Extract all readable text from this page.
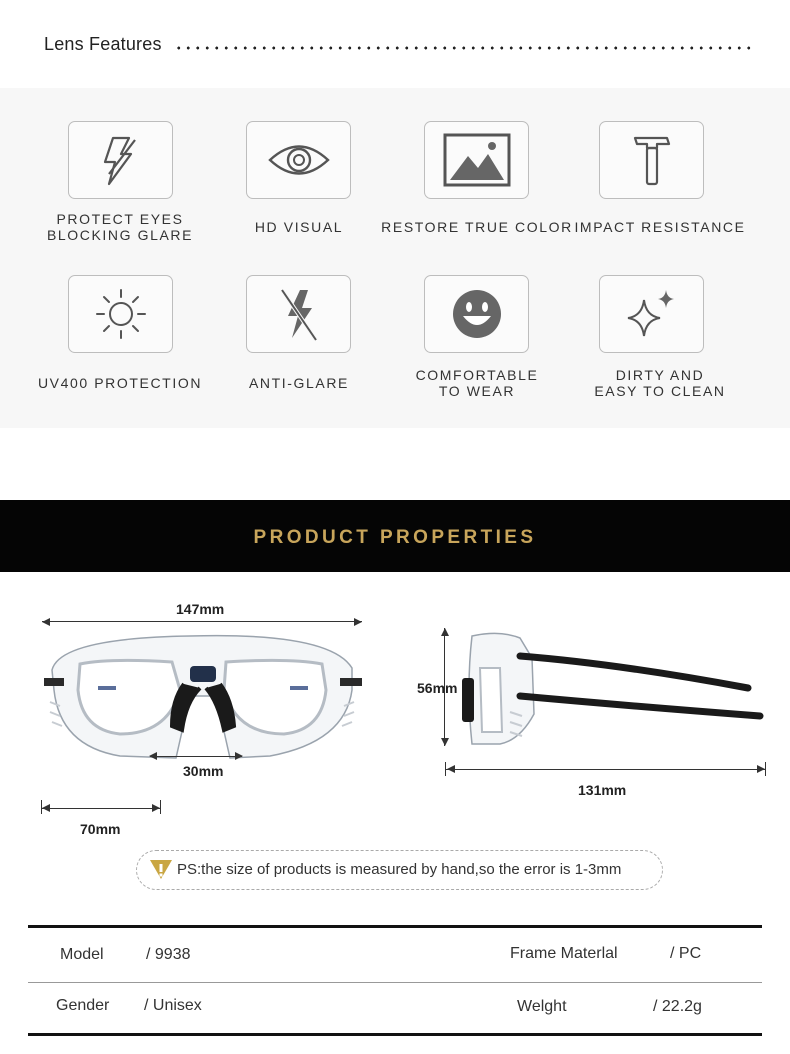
Lens Features
PROTECT EYES
BLOCKING GLARE	HD VISUAL	RESTORE TRUE COLOR IMPACT RESISTANCE
UV400 PROTECTION	ANTI-GLARE	COMFORTABLE
TO WEAR
DIRTY AND
EASY TO CLEAN
PRODUCT PROPERTIES
147mm
30mm
70mm
56mm
131mm
PS:the size of products is measured by hand,so the error is 1-3mm
Model	/ 9938	Frame Materlal	/ PC
Gender / Unisex	Welght	/ 22.2g
